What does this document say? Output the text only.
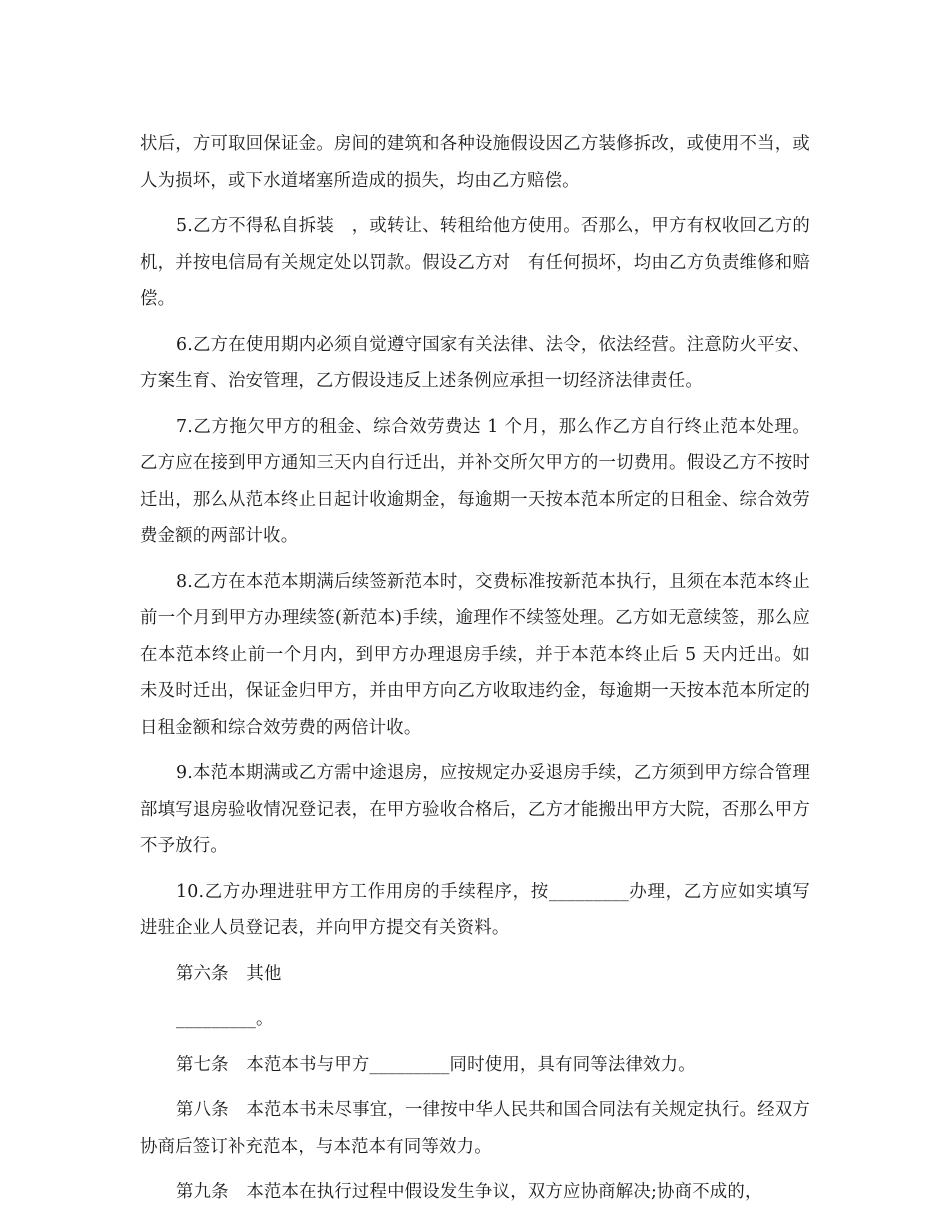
状后，方可取回保证金。房间的建筑和各种设施假设因乙方装修拆改，或使用不当，或人为损坏，或下水道堵塞所造成的损失，均由乙方赔偿。

5.乙方不得私自拆装　，或转让、转租给他方使用。否那么，甲方有权收回乙方的　机，并按电信局有关规定处以罚款。假设乙方对　有任何损坏，均由乙方负责维修和赔偿。

6.乙方在使用期内必须自觉遵守国家有关法律、法令，依法经营。注意防火平安、方案生育、治安管理，乙方假设违反上述条例应承担一切经济法律责任。

7.乙方拖欠甲方的租金、综合效劳费达 1 个月，那么作乙方自行终止范本处理。乙方应在接到甲方通知三天内自行迁出，并补交所欠甲方的一切费用。假设乙方不按时迁出，那么从范本终止日起计收逾期金，每逾期一天按本范本所定的日租金、综合效劳费金额的两部计收。

8.乙方在本范本期满后续签新范本时，交费标准按新范本执行，且须在本范本终止前一个月到甲方办理续签(新范本)手续，逾理作不续签处理。乙方如无意续签，那么应在本范本终止前一个月内，到甲方办理退房手续，并于本范本终止后 5 天内迁出。如未及时迁出，保证金归甲方，并由甲方向乙方收取违约金，每逾期一天按本范本所定的日租金额和综合效劳费的两倍计收。

9.本范本期满或乙方需中途退房，应按规定办妥退房手续，乙方须到甲方综合管理部填写退房验收情况登记表，在甲方验收合格后，乙方才能搬出甲方大院，否那么甲方不予放行。

10.乙方办理进驻甲方工作用房的手续程序，按_________办理，乙方应如实填写进驻企业人员登记表，并向甲方提交有关资料。

第六条　其他

_________。

第七条　本范本书与甲方_________同时使用，具有同等法律效力。

第八条　本范本书未尽事宜，一律按中华人民共和国合同法有关规定执行。经双方协商后签订补充范本，与本范本有同等效力。

第九条　本范本在执行过程中假设发生争议，双方应协商解决;协商不成的，
